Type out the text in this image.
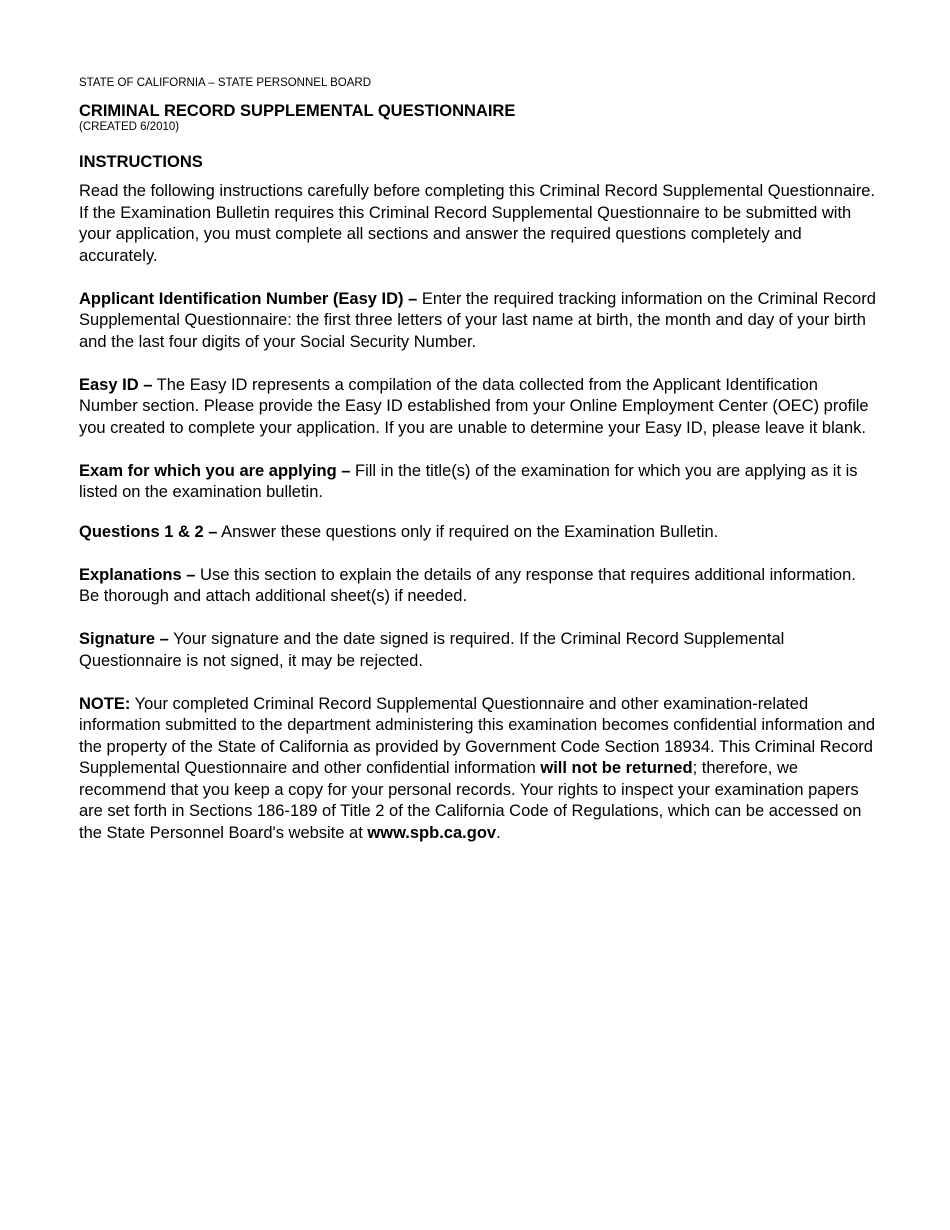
STATE OF CALIFORNIA – STATE PERSONNEL BOARD

CRIMINAL RECORD SUPPLEMENTAL QUESTIONNAIRE

(CREATED 6/2010)

INSTRUCTIONS

Read the following instructions carefully before completing this Criminal Record Supplemental Questionnaire. If the Examination Bulletin requires this Criminal Record Supplemental Questionnaire to be submitted with your application, you must complete all sections and answer the required questions completely and accurately.

Applicant Identification Number (Easy ID) – Enter the required tracking information on the Criminal Record Supplemental Questionnaire: the first three letters of your last name at birth, the month and day of your birth and the last four digits of your Social Security Number.

Easy ID – The Easy ID represents a compilation of the data collected from the Applicant Identification Number section. Please provide the Easy ID established from your Online Employment Center (OEC) profile you created to complete your application. If you are unable to determine your Easy ID, please leave it blank.

Exam for which you are applying – Fill in the title(s) of the examination for which you are applying as it is listed on the examination bulletin.

Questions 1 & 2 – Answer these questions only if required on the Examination Bulletin.

Explanations – Use this section to explain the details of any response that requires additional information. Be thorough and attach additional sheet(s) if needed.

Signature – Your signature and the date signed is required. If the Criminal Record Supplemental Questionnaire is not signed, it may be rejected.

NOTE: Your completed Criminal Record Supplemental Questionnaire and other examination-related information submitted to the department administering this examination becomes confidential information and the property of the State of California as provided by Government Code Section 18934. This Criminal Record Supplemental Questionnaire and other confidential information will not be returned; therefore, we recommend that you keep a copy for your personal records. Your rights to inspect your examination papers are set forth in Sections 186-189 of Title 2 of the California Code of Regulations, which can be accessed on the State Personnel Board's website at www.spb.ca.gov.
